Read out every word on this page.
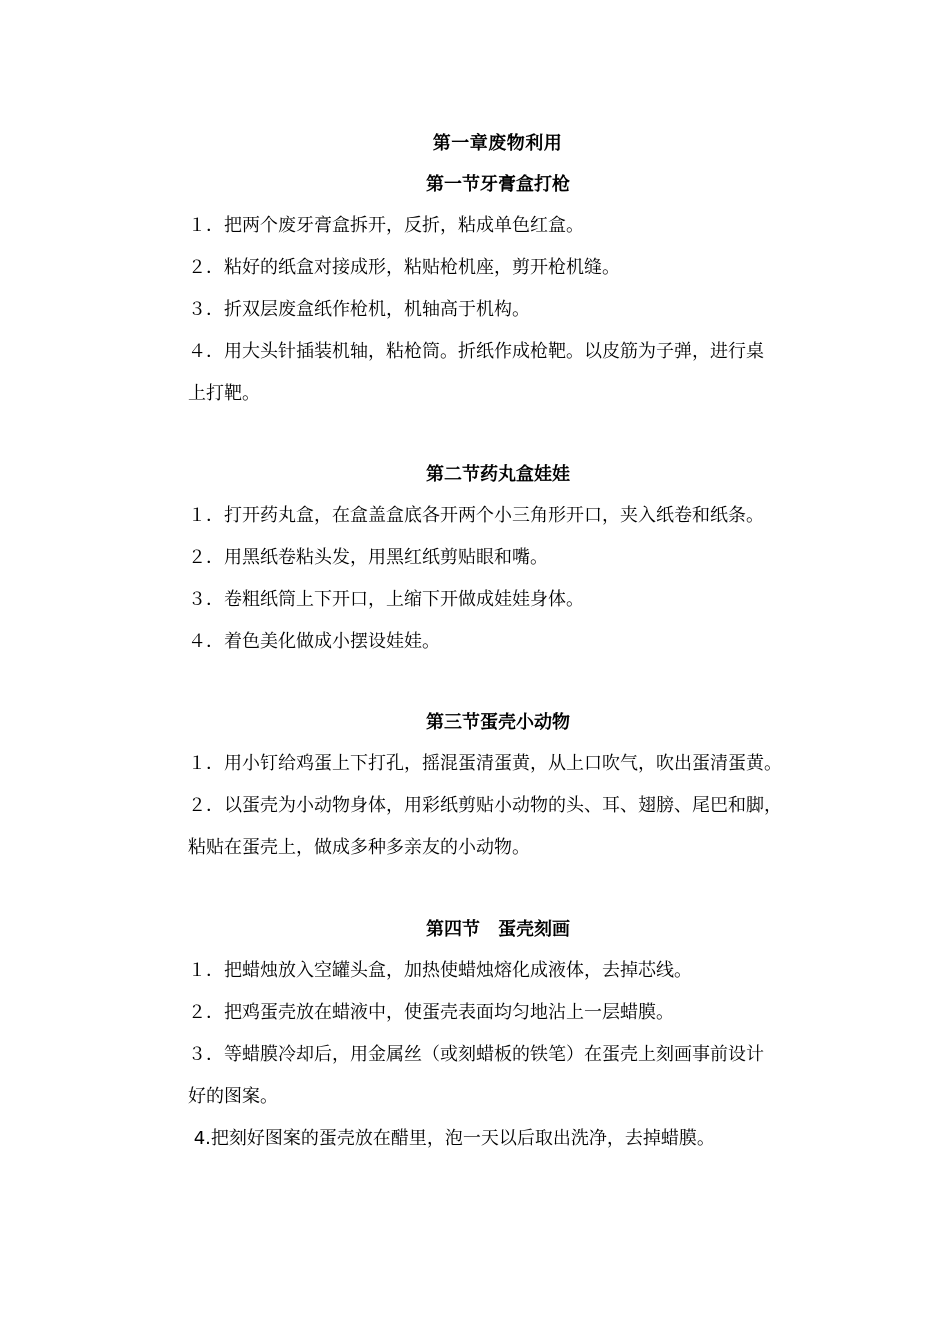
第一章废物利用
第一节牙膏盒打枪
１．把两个废牙膏盒拆开，反折，粘成单色红盒。
２．粘好的纸盒对接成形，粘贴枪机座，剪开枪机缝。
３．折双层废盒纸作枪机，机轴高于机构。
４．用大头针插装机轴，粘枪筒。折纸作成枪靶。以皮筋为子弹，进行桌
上打靶。
第二节药丸盒娃娃
１．打开药丸盒，在盒盖盒底各开两个小三角形开口，夹入纸卷和纸条。
２．用黑纸卷粘头发，用黑红纸剪贴眼和嘴。
３．卷粗纸筒上下开口，上缩下开做成娃娃身体。
４．着色美化做成小摆设娃娃。
第三节蛋壳小动物
１．用小钉给鸡蛋上下打孔，摇混蛋清蛋黄，从上口吹气，吹出蛋清蛋黄。
２．以蛋壳为小动物身体，用彩纸剪贴小动物的头、耳、翅膀、尾巴和脚，
粘贴在蛋壳上，做成多种多亲友的小动物。
第四节　蛋壳刻画
１．把蜡烛放入空罐头盒，加热使蜡烛熔化成液体，去掉芯线。
２．把鸡蛋壳放在蜡液中，使蛋壳表面均匀地沾上一层蜡膜。
３．等蜡膜冷却后，用金属丝（或刻蜡板的铁笔）在蛋壳上刻画事前设计
好的图案。
4.把刻好图案的蛋壳放在醋里，泡一天以后取出洗净，去掉蜡膜。
